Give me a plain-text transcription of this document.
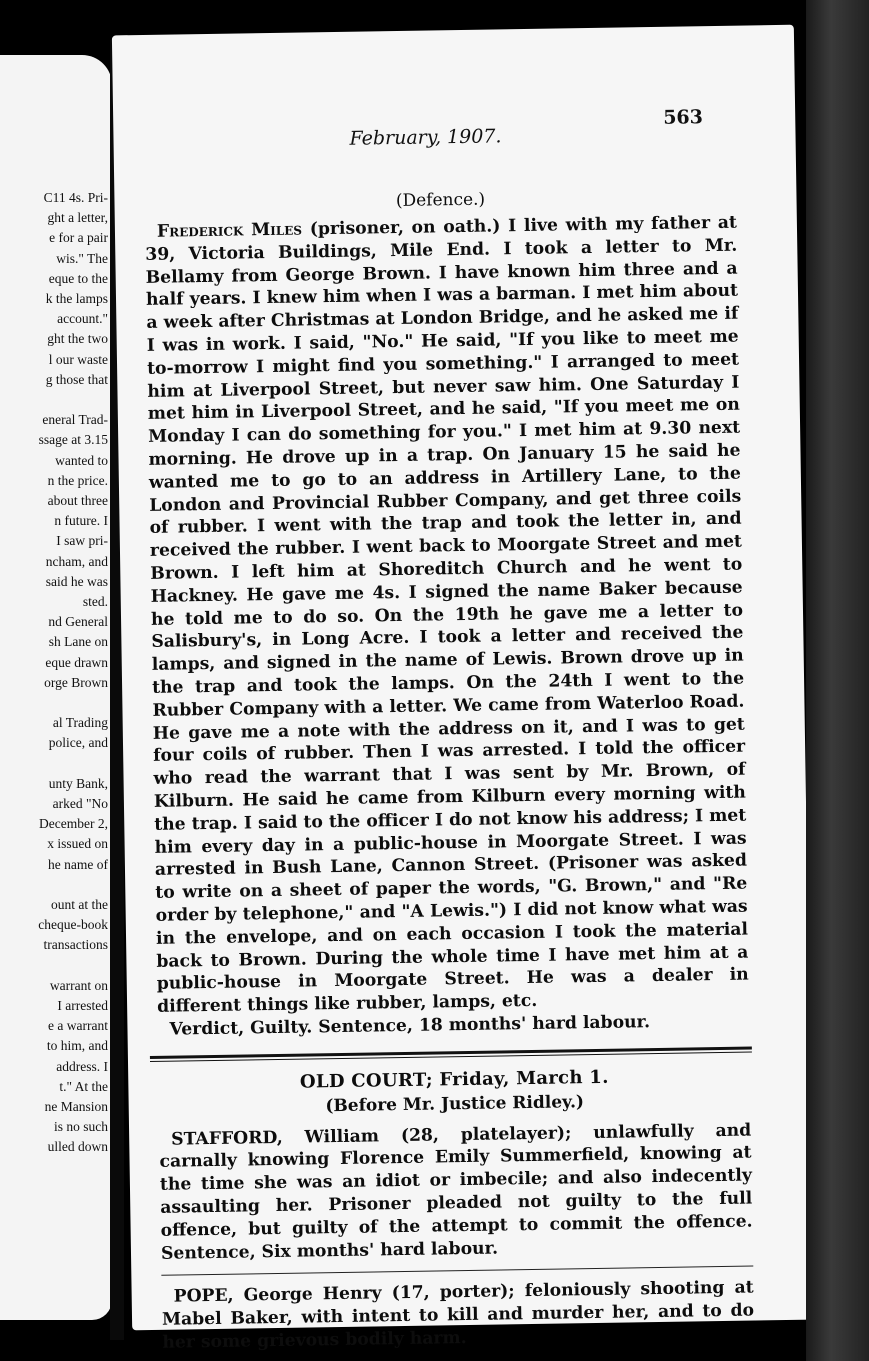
C11 4s. Pri-
ght a letter,
e for a pair
wis." The
eque to the
k the lamps
account."
ght the two
l our waste
g those that
eneral Trad-
ssage at 3.15
wanted to
n the price.
about three
n future. I
I saw pri-
ncham, and
said he was
sted.
nd General
sh Lane on
eque drawn
orge Brown
al Trading
police, and
unty Bank,
arked "No
December 2,
x issued on
he name of
ount at the
cheque-book
transactions
warrant on
I arrested
e a warrant
to him, and
address. I
t." At the
ne Mansion
is no such
ulled down
February, 1907.
563
(Defence.)
Frederick Miles (prisoner, on oath.) I live with my father at 39, Victoria Buildings, Mile End. I took a letter to Mr. Bellamy from George Brown. I have known him three and a half years. I knew him when I was a barman. I met him about a week after Christmas at London Bridge, and he asked me if I was in work. I said, "No." He said, "If you like to meet me to-morrow I might find you something." I arranged to meet him at Liverpool Street, but never saw him. One Saturday I met him in Liverpool Street, and he said, "If you meet me on Monday I can do something for you." I met him at 9.30 next morning. He drove up in a trap. On January 15 he said he wanted me to go to an address in Artillery Lane, to the London and Provincial Rubber Company, and get three coils of rubber. I went with the trap and took the letter in, and received the rubber. I went back to Moorgate Street and met Brown. I left him at Shoreditch Church and he went to Hackney. He gave me 4s. I signed the name Baker because he told me to do so. On the 19th he gave me a letter to Salisbury's, in Long Acre. I took a letter and received the lamps, and signed in the name of Lewis. Brown drove up in the trap and took the lamps. On the 24th I went to the Rubber Company with a letter. We came from Waterloo Road. He gave me a note with the address on it, and I was to get four coils of rubber. Then I was arrested. I told the officer who read the warrant that I was sent by Mr. Brown, of Kilburn. He said he came from Kilburn every morning with the trap. I said to the officer I do not know his address; I met him every day in a public-house in Moorgate Street. I was arrested in Bush Lane, Cannon Street. (Prisoner was asked to write on a sheet of paper the words, "G. Brown," and "Re order by telephone," and "A Lewis.") I did not know what was in the envelope, and on each occasion I took the material back to Brown. During the whole time I have met him at a public-house in Moorgate Street. He was a dealer in different things like rubber, lamps, etc.
Verdict, Guilty. Sentence, 18 months' hard labour.
OLD COURT; Friday, March 1.
(Before Mr. Justice Ridley.)
STAFFORD, William (28, platelayer); unlawfully and carnally knowing Florence Emily Summerfield, knowing at the time she was an idiot or imbecile; and also indecently assaulting her. Prisoner pleaded not guilty to the full offence, but guilty of the attempt to commit the offence. Sentence, Six months' hard labour.
POPE, George Henry (17, porter); feloniously shooting at Mabel Baker, with intent to kill and murder her, and to do her some grievous bodily harm.
